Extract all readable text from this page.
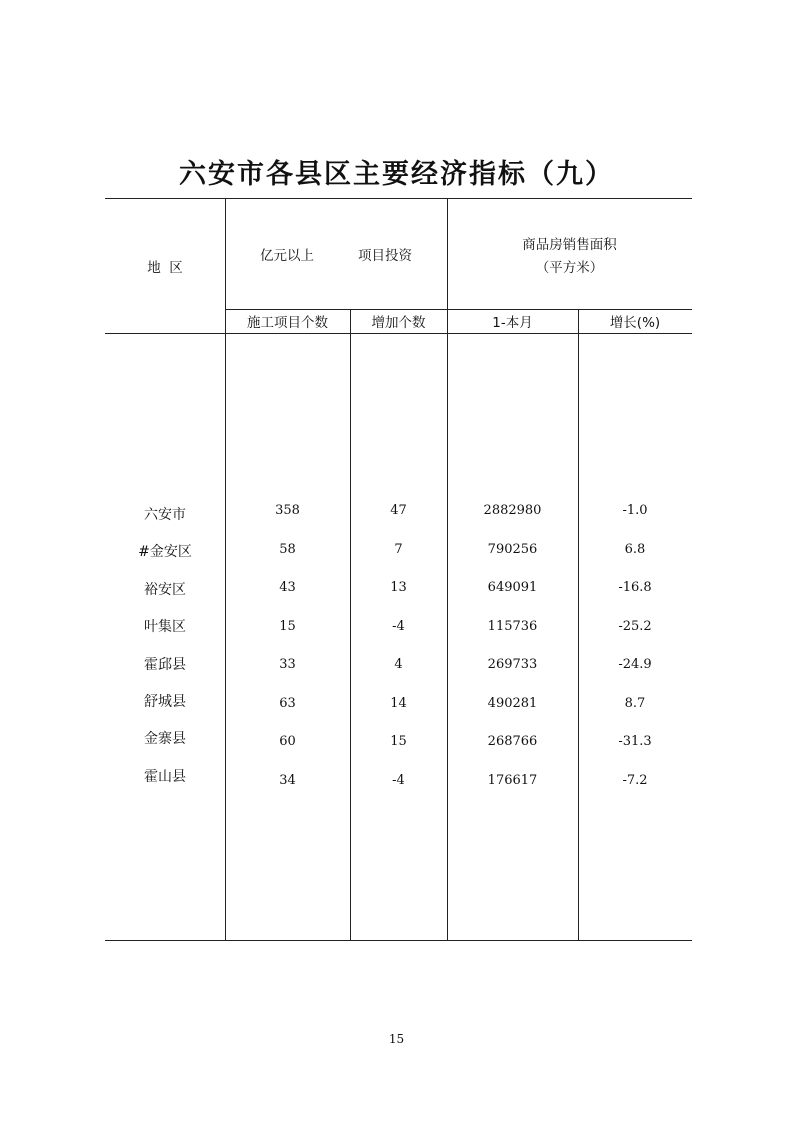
六安市各县区主要经济指标（九）
地  区
亿元以上	项目投资
商品房销售面积
（平方米）
施工项目个数	增加个数	1-本月	增长(%)
六安市	358	47	2882980	-1.0
#金安区	58	7	790256	6.8
裕安区	43	13	649091	-16.8
叶集区	15	-4	115736	-25.2
霍邱县	33	4	269733	-24.9
舒城县	63	14	490281	8.7
金寨县	60	15	268766	-31.3
霍山县	34	-4	176617	-7.2
15
